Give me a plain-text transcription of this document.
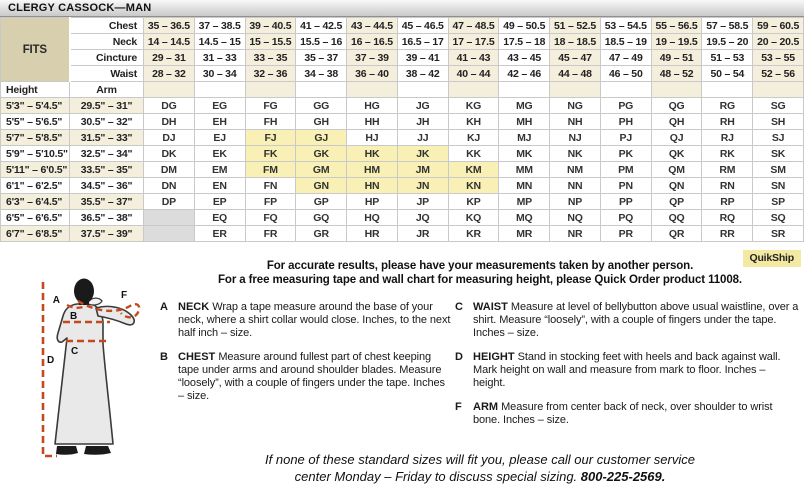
CLERGY CASSOCK—MAN
FITS	Chest	35 – 36.5	37 – 38.5	39 – 40.5	41 – 42.5	43 – 44.5	45 – 46.5	47 – 48.5	49 – 50.5	51 – 52.5	53 – 54.5	55 – 56.5	57 – 58.5	59 – 60.5
	Neck	14 – 14.5	14.5 – 15	15 – 15.5	15.5 – 16	16 – 16.5	16.5 – 17	17 – 17.5	17.5 – 18	18 – 18.5	18.5 – 19	19 – 19.5	19.5 – 20	20 – 20.5
	Cincture	29 – 31	31 – 33	33 – 35	35 – 37	37 – 39	39 – 41	41 – 43	43 – 45	45 – 47	47 – 49	49 – 51	51 – 53	53 – 55
	Waist	28 – 32	30 – 34	32 – 36	34 – 38	36 – 40	38 – 42	40 – 44	42 – 46	44 – 48	46 – 50	48 – 52	50 – 54	52 – 56
Height	Arm													
5'3" – 5'4.5"	29.5" – 31"	DG	EG	FG	GG	HG	JG	KG	MG	NG	PG	QG	RG	SG
5'5" – 5'6.5"	30.5" – 32"	DH	EH	FH	GH	HH	JH	KH	MH	NH	PH	QH	RH	SH
5'7" – 5'8.5"	31.5" – 33"	DJ	EJ	FJ	GJ	HJ	JJ	KJ	MJ	NJ	PJ	QJ	RJ	SJ
5'9" – 5'10.5"	32.5" – 34"	DK	EK	FK	GK	HK	JK	KK	MK	NK	PK	QK	RK	SK
5'11" – 6'0.5"	33.5" – 35"	DM	EM	FM	GM	HM	JM	KM	MM	NM	PM	QM	RM	SM
6'1" – 6'2.5"	34.5" – 36"	DN	EN	FN	GN	HN	JN	KN	MN	NN	PN	QN	RN	SN
6'3" – 6'4.5"	35.5" – 37"	DP	EP	FP	GP	HP	JP	KP	MP	NP	PP	QP	RP	SP
6'5" – 6'6.5"	36.5" – 38"		EQ	FQ	GQ	HQ	JQ	KQ	MQ	NQ	PQ	QQ	RQ	SQ
6'7" – 6'8.5"	37.5" – 39"		ER	FR	GR	HR	JR	KR	MR	NR	PR	QR	RR	SR
QuikShip
For accurate results, please have your measurements taken by another person.
For a free measuring tape and wall chart for measuring height, please Quick Order product 11008.
A
B
C
D
F
A NECK Wrap a tape measure around the base of your neck, where a shirt collar would close. Inches, to the next half inch – size.

B CHEST Measure around fullest part of chest keeping tape under arms and around shoulder blades. Measure “loosely”, with a couple of fingers under the tape. Inches – size.

C WAIST Measure at level of bellybutton above usual waistline, over a shirt. Measure “loosely”, with a couple of fingers under the tape. Inches – size.

D HEIGHT Stand in stocking feet with heels and back against wall. Mark height on wall and measure from mark to floor. Inches – height.

F	ARM Measure from center back of neck, over shoulder to wrist bone. Inches – size.

If none of these standard sizes will fit you, please call our customer service
center Monday – Friday to discuss special sizing. 800-225-2569.
